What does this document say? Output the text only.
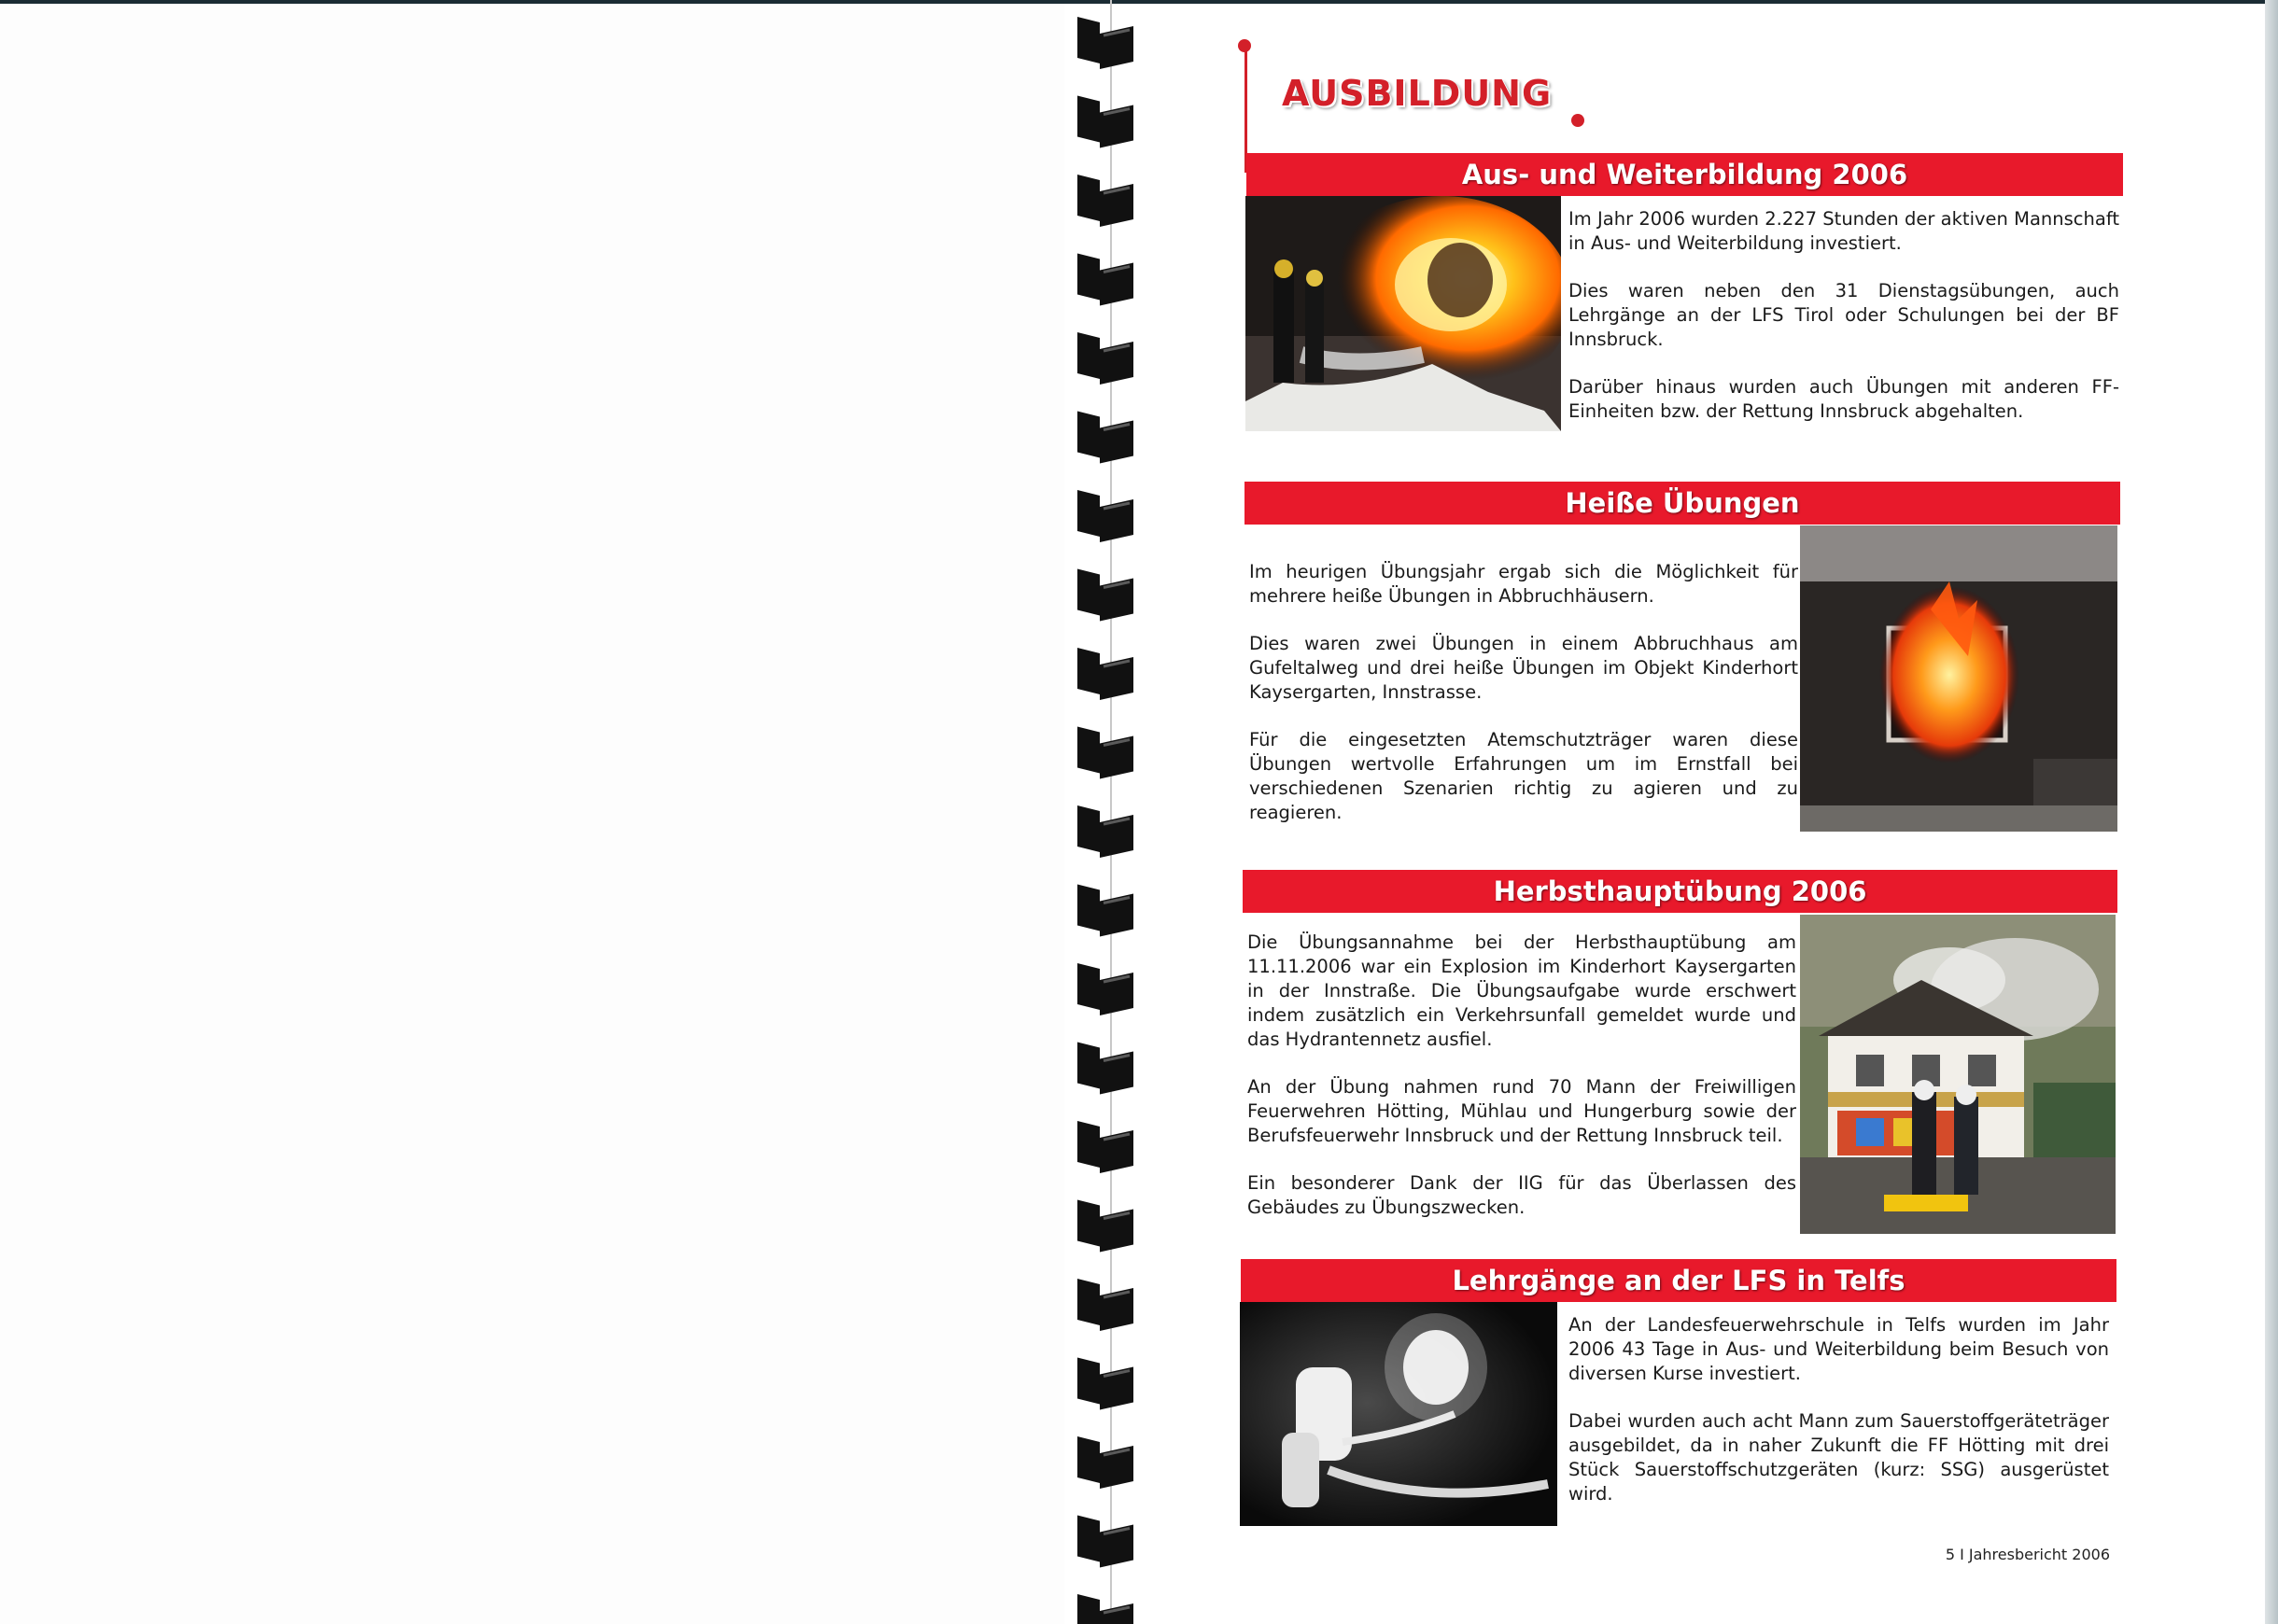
AUSBILDUNG
Aus- und Weiterbildung 2006

Im Jahr 2006 wurden 2.227 Stunden der aktiven Mannschaft in Aus- und Weiterbildung investiert.

Dies waren neben den 31 Dienstagsübungen, auch Lehrgänge an der LFS Tirol oder Schulungen bei der BF Innsbruck.

Darüber hinaus wurden auch Übungen mit anderen FF-Einheiten bzw. der Rettung Innsbruck abgehalten.

Heiße Übungen

Im heurigen Übungsjahr ergab sich die Möglichkeit für mehrere heiße Übungen in Abbruchhäusern.

Dies waren zwei Übungen in einem Abbruchhaus am Gufeltalweg und drei heiße Übungen im Objekt Kinderhort Kaysergarten, Innstrasse.

Für die eingesetzten Atemschutzträger waren diese Übungen wertvolle Erfahrungen um im Ernstfall bei verschiedenen Szenarien richtig zu agieren und zu reagieren.

Herbsthauptübung 2006

Die Übungsannahme bei der Herbsthauptübung am 11.11.2006 war ein Explosion im Kinderhort Kaysergarten in der Innstraße. Die Übungsaufgabe wurde erschwert indem zusätzlich ein Verkehrsunfall gemeldet wurde und das Hydrantennetz ausfiel.

An der Übung nahmen rund 70 Mann der Freiwilligen Feuerwehren Hötting, Mühlau und Hungerburg sowie der Berufsfeuerwehr Innsbruck und der Rettung Innsbruck teil.

Ein besonderer Dank der IIG für das Überlassen des Gebäudes zu Übungszwecken.

Lehrgänge an der LFS in Telfs

An der Landesfeuerwehrschule in Telfs wurden im Jahr 2006 43 Tage in Aus- und Weiterbildung beim Besuch von diversen Kurse investiert.

Dabei wurden auch acht Mann zum Sauerstoffgeräteträger ausgebildet, da in naher Zukunft die FF Hötting mit drei Stück Sauerstoffschutzgeräten (kurz: SSG) ausgerüstet wird.

5 I Jahresbericht 2006
